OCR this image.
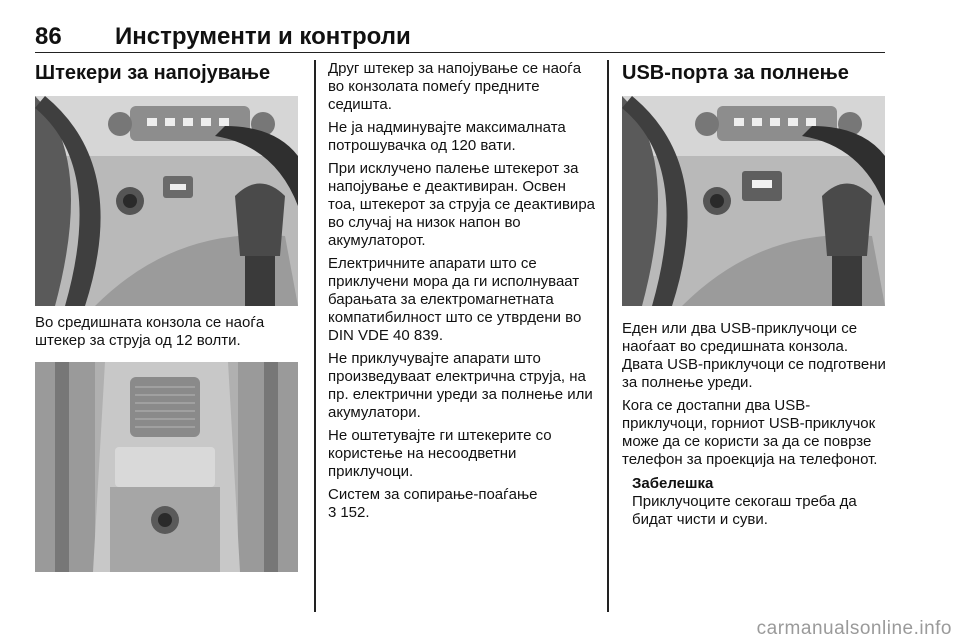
86	Инструменти и контроли
Штекери за напојување

Во средишната конзола се наоѓа штекер за струја од 12 волти.

Друг штекер за напојување се наоѓа во конзолата помеѓу предните седишта.

Не ја надминувајте максималната потрошувачка од 120 вати.

При исклучено палење штекерот за напојување е деактивиран. Освен тоа, штекерот за струја се деактивира во случај на низок напон во акумулаторот.

Електричните апарати што се приклучени мора да ги исполнуваат барањата за електромагнетната компатибилност што се утврдени во DIN VDE 40 839.

Не приклучувајте апарати што произведуваат електрична струја, на пр. електрични уреди за полнење или акумулатори.

Не оштетувајте ги штекерите со користење на несоодветни приклучоци.

Систем за сопирање-поаѓање

3 152.

USB-порта за полнење

Еден или два USB-приклучоци се наоѓаат во средишната конзола. Двата USB-приклучоци се подготвени за полнење уреди.

Кога се достапни два USB-приклучоци, горниот USB-приклучок може да се користи за да се поврзе телефон за проекција на телефонот.

Забелешка
Приклучоците секогаш треба да бидат чисти и суви.
carmanualsonline.info
